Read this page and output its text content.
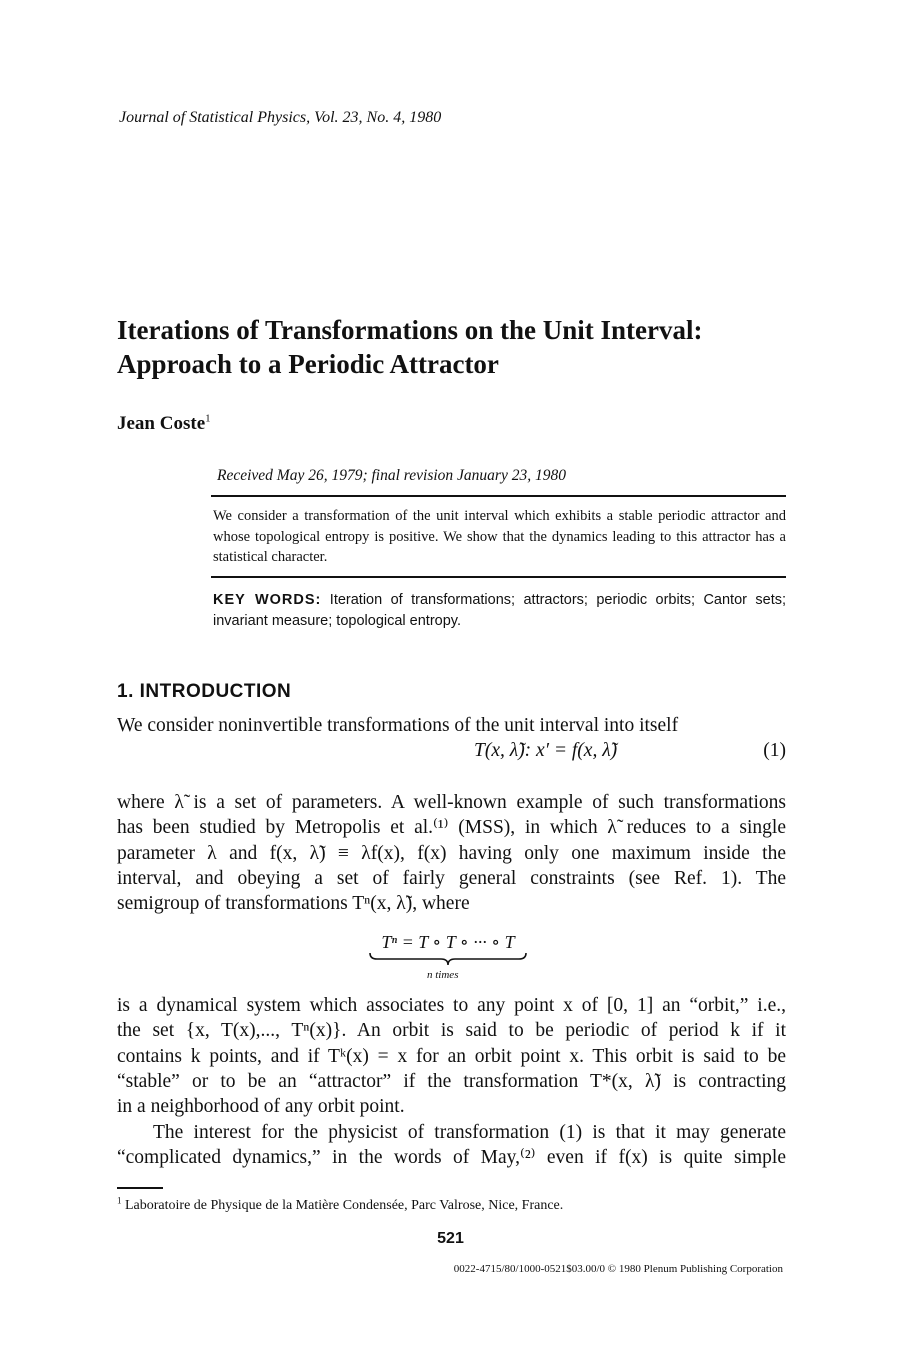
Journal of Statistical Physics, Vol. 23, No. 4, 1980
Iterations of Transformations on the Unit Interval:
Approach to a Periodic Attractor
Jean Coste$^1$
Received May 26, 1979; final revision January 23, 1980
We consider a transformation of the unit interval which exhibits a stable periodic attractor and whose topological entropy is positive. We show that the dynamics leading to this attractor has a statistical character.
KEY WORDS: Iteration of transformations; attractors; periodic orbits; Cantor sets; invariant measure; topological entropy.
1. INTRODUCTION
We consider noninvertible transformations of the unit interval into itself
T(x, λ̃): x′ = f(x, λ̃)	(1)
where λ̃ is a set of parameters. A well-known example of such transformations
has been studied by Metropolis et al.⁽¹⁾ (MSS), in which λ̃ reduces to a single
parameter λ and f(x, λ̃) ≡ λf(x), f(x) having only one maximum inside the
interval, and obeying a set of fairly general constraints (see Ref. 1). The
semigroup of transformations Tⁿ(x, λ̃), where
Tⁿ = T ∘ T ∘ ··· ∘ T
n times
is a dynamical system which associates to any point x of [0, 1] an “orbit,” i.e.,
the set {x, T(x),..., Tⁿ(x)}. An orbit is said to be periodic of period k if it
contains k points, and if Tᵏ(x) = x for an orbit point x. This orbit is said to be
“stable” or to be an “attractor” if the transformation T*(x, λ̃) is contracting
in a neighborhood of any orbit point.
The interest for the physicist of transformation (1) is that it may generate
“complicated dynamics,” in the words of May,⁽²⁾ even if f(x) is quite simple
$^1$ Laboratoire de Physique de la Matière Condensée, Parc Valrose, Nice, France.
521
0022-4715/80/1000-0521$03.00/0 © 1980 Plenum Publishing Corporation
